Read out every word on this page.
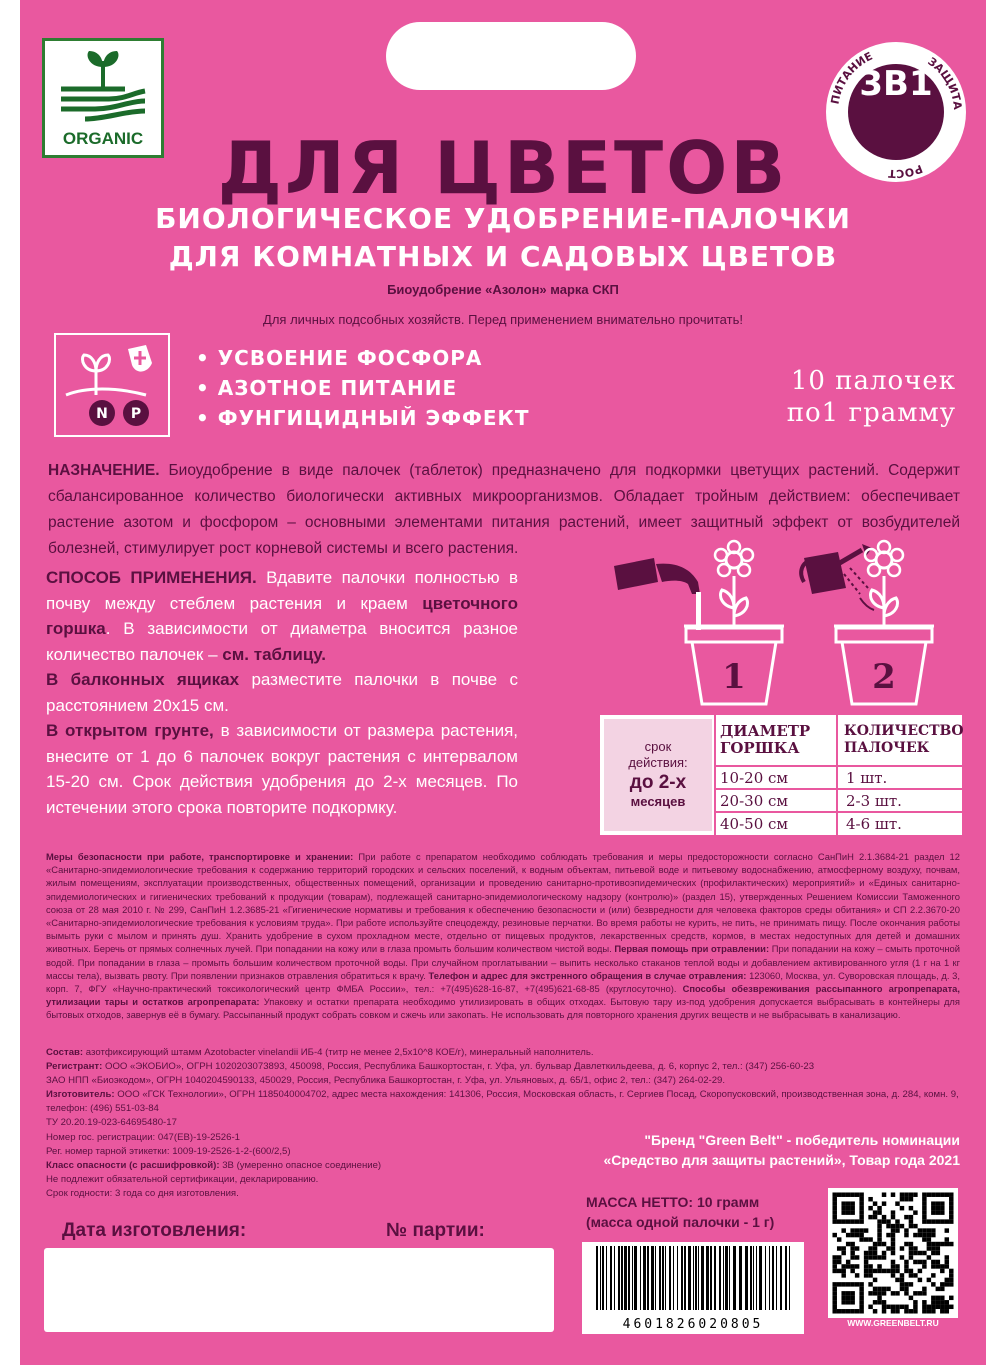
ORGANIC
ПИТАНИЕ	ЗАЩИТА
РОСТ
3В1
ДЛЯ ЦВЕТОВ
БИОЛОГИЧЕСКОЕ УДОБРЕНИЕ-ПАЛОЧКИ
ДЛЯ КОМНАТНЫХ И САДОВЫХ ЦВЕТОВ
Биоудобрение «Азолон» марка СКП
Для личных подсобных хозяйств. Перед применением внимательно прочитать!
N P
• УСВОЕНИЕ ФОСФОРА
• АЗОТНОЕ ПИТАНИЕ
• ФУНГИЦИДНЫЙ ЭФФЕКТ
10 палочек
по1 грамму
НАЗНАЧЕНИЕ. Биоудобрение в виде палочек (таблеток) предназначено для подкормки цветущих растений. Содержит сбалансированное количество биологически активных микроорганизмов. Обладает тройным действием: обеспечивает растение азотом и фосфором – основными элементами питания растений, имеет защитный эффект от возбудителей болезней, стимулирует рост корневой системы и всего растения.
СПОСОБ ПРИМЕНЕНИЯ. Вдавите палочки полностью в почву между стеблем растения и краем цветочного горшка. В зависимости от диаметра вносится разное количество палочек – см. таблицу.
В балконных ящиках разместите палочки в почве с расстоянием 20х15 см.
В открытом грунте, в зависимости от размера растения, внесите от 1 до 6 палочек вокруг растения с интервалом 15-20 см. Срок действия удобрения до 2-х месяцев. По истечении этого срока повторите подкормку.
1	2
срок
действия:
до 2-х
месяцев
ДИАМЕТР ГОРШКА
КОЛИЧЕСТВО ПАЛОЧЕК
10-20 см	1 шт.
20-30 см	2-3 шт.
40-50 см	4-6 шт.
Меры безопасности при работе, транспортировке и хранении: При работе с препаратом необходимо соблюдать требования и меры предосторожности согласно СанПиН 2.1.3684-21 раздел 12 «Санитарно-эпидемиологические требования к содержанию территорий городских и сельских поселений, к водным объектам, питьевой воде и питьевому водоснабжению, атмосферному воздуху, почвам, жилым помещениям, эксплуатации производственных, общественных помещений, организации и проведению санитарно-противоэпидемических (профилактических) мероприятий» и «Единых санитарно-эпидемиологических и гигиенических требований к продукции (товарам), подлежащей санитарно-эпидемиологическому надзору (контролю)» (раздел 15), утвержденных Решением Комиссии Таможенного союза от 28 мая 2010 г. № 299, СанПиН 1.2.3685-21 «Гигиенические нормативы и требования к обеспечению безопасности и (или) безвредности для человека факторов среды обитания» и СП 2.2.3670-20 «Санитарно-эпидемиологические требования к условиям труда». При работе используйте спецодежду, резиновые перчатки. Во время работы не курить, не пить, не принимать пищу. После окончания работы вымыть руки с мылом и принять душ. Хранить удобрение в сухом прохладном месте, отдельно от пищевых продуктов, лекарственных средств, кормов, в местах недоступных для детей и домашних животных. Беречь от прямых солнечных лучей. При попадании на кожу или в глаза промыть большим количеством чистой воды. Первая помощь при отравлении: При попадании на кожу – смыть проточной водой. При попадании в глаза – промыть большим количеством проточной воды. При случайном проглатывании – выпить несколько стаканов теплой воды и добавлением активированного угля (1 г на 1 кг массы тела), вызвать рвоту. При появлении признаков отравления обратиться к врачу. Телефон и адрес для экстренного обращения в случае отравления: 123060, Москва, ул. Суворовская площадь, д. 3, корп. 7, ФГУ «Научно-практический токсикологический центр ФМБА России», тел.: +7(495)628-16-87, +7(495)621-68-85 (круглосуточно). Способы обезвреживания рассыпанного агропрепарата, утилизации тары и остатков агропрепарата: Упаковку и остатки препарата необходимо утилизировать в общих отходах. Бытовую тару из-под удобрения допускается выбрасывать в контейнеры для бытовых отходов, завернув её в бумагу. Рассыпанный продукт собрать совком и сжечь или закопать. Не использовать для повторного хранения других веществ и не выбрасывать в канализацию.
Состав: азотфиксирующий штамм Azotobacter vinelandii ИБ-4 (титр не менее 2,5х10^8 КОЕ/г), минеральный наполнитель.
Регистрант: ООО «ЭКОБИО», ОГРН 1020203073893, 450098, Россия, Республика Башкортостан, г. Уфа, ул. бульвар Давлеткильдеева, д. 6, корпус 2, тел.: (347) 256-60-23
ЗАО НПП «Биоэкодом», ОГРН 1040204590133, 450029, Россия, Республика Башкортостан, г. Уфа, ул. Ульяновых, д. 65/1, офис 2, тел.: (347) 264-02-29.
Изготовитель: ООО «ГСК Технологии», ОГРН 1185040004702, адрес места нахождения: 141306, Россия, Московская область, г. Сергиев Посад, Скоропусковский, производственная зона, д. 284, комн. 9, телефон: (496) 551-03-84
ТУ 20.20.19-023-64695480-17
Номер гос. регистрации: 047(ЕВ)-19-2526-1
Рег. номер тарной этикетки: 1009-19-2526-1-2-(600/2,5)
Класс опасности (с расшифровкой): 3В (умеренно опасное соединение)
Не подлежит обязательной сертификации, декларированию.
Срок годности: 3 года со дня изготовления.
"Бренд "Green Belt" - победитель номинации
«Средство для защиты растений», Товар года 2021
МАССА НЕТТО: 10 грамм
(масса одной палочки - 1 г)
Дата изготовления:	№ партии:
4601826020805	WWW.GREENBELT.RU
